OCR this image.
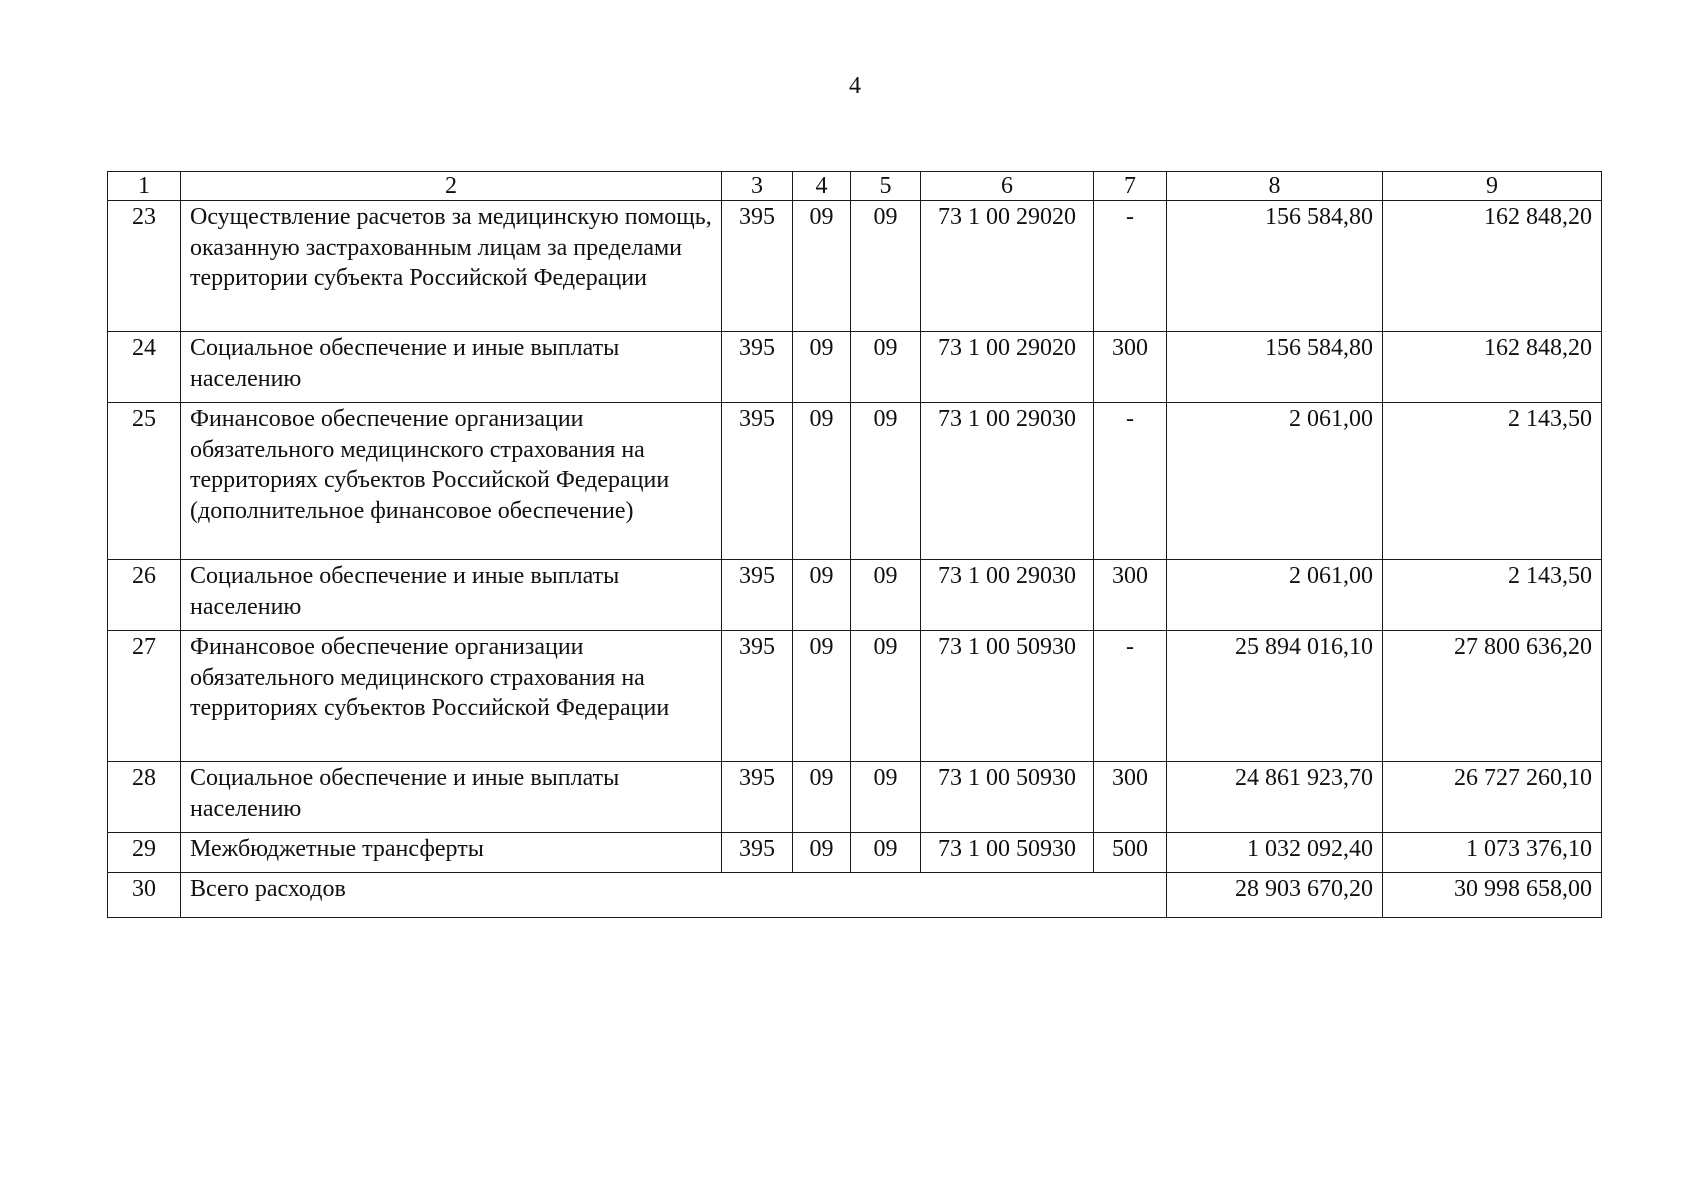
4
1	2	3	4	5	6	7	8	9
23	Осуществление расчетов за медицинскую помощь, оказанную застрахованным лицам за пределами территории субъекта Российской Федерации	395	09	09	73 1 00 29020	-	156 584,80	162 848,20
24	Социальное обеспечение и иные выплаты населению	395	09	09	73 1 00 29020	300	156 584,80	162 848,20
25	Финансовое обеспечение организации обязательного медицинского страхования на территориях субъектов Российской Федерации (дополнительное финансовое обеспечение)	395	09	09	73 1 00 29030	-	2 061,00	2 143,50
26	Социальное обеспечение и иные выплаты населению	395	09	09	73 1 00 29030	300	2 061,00	2 143,50
27	Финансовое обеспечение организации обязательного медицинского страхования на территориях субъектов Российской Федерации	395	09	09	73 1 00 50930	-	25 894 016,10	27 800 636,20
28	Социальное обеспечение и иные выплаты населению	395	09	09	73 1 00 50930	300	24 861 923,70	26 727 260,10
29	Межбюджетные трансферты	395	09	09	73 1 00 50930	500	1 032 092,40	1 073 376,10
30	Всего расходов						28 903 670,20	30 998 658,00
